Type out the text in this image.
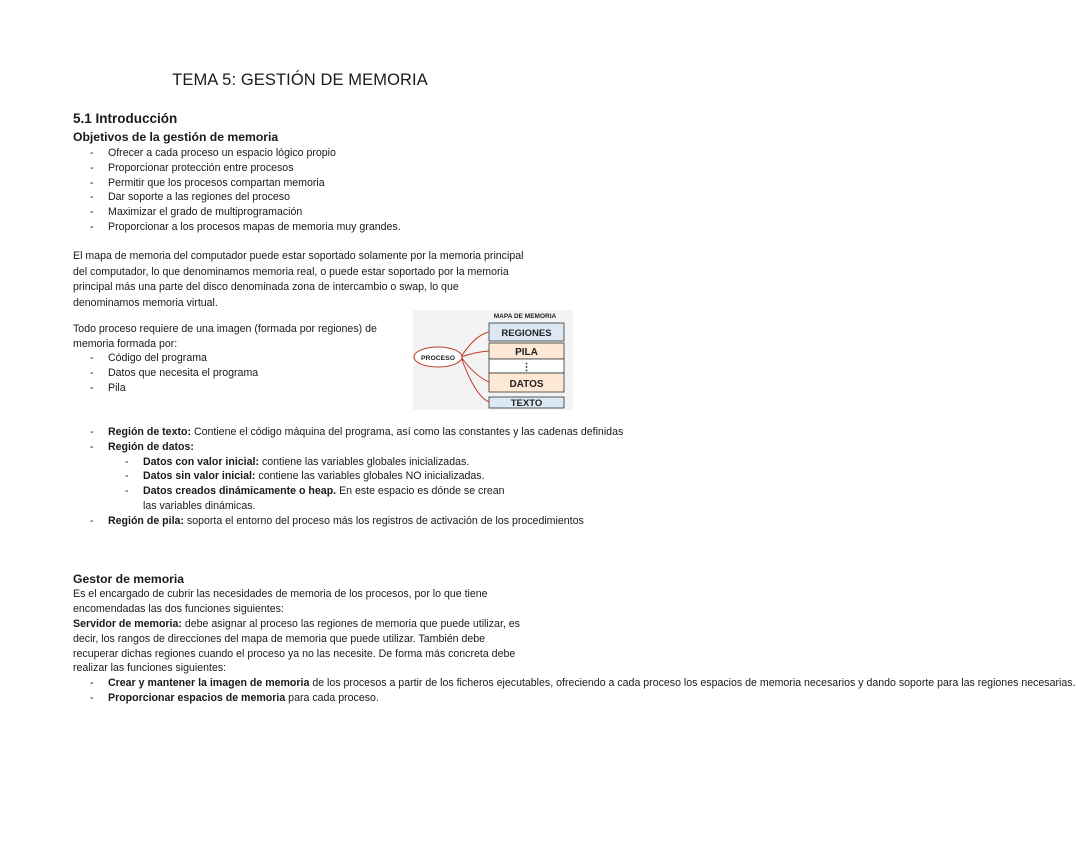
TEMA 5: GESTIÓN DE MEMORIA
5.1 Introducción
Objetivos de la gestión de memoria
- Ofrecer a cada proceso un espacio lógico propio
- Proporcionar protección entre procesos
- Permitir que los procesos compartan memoria
- Dar soporte a las regiones del proceso
- Maximizar el grado de multiprogramación
- Proporcionar a los procesos mapas de memoria muy grandes.
El mapa de memoria del computador puede estar soportado solamente por la memoria principal del computador, lo que denominamos memoria real, o puede estar soportado por la memoria principal más una parte del disco denominada zona de intercambio o swap, lo que denominamos memoria virtual.
Todo proceso requiere de una imagen (formada por regiones) de
memoria formada por:
- Código del programa
- Datos que necesita el programa
- Pila
MAPA DE MEMORIA
REGIONES
PILA
⋮
DATOS
TEXTO
PROCESO
- Región de texto: Contiene el código máquina del programa, así como las constantes y las cadenas definidas
- Región de datos:
- Datos con valor inicial: contiene las variables globales inicializadas.
- Datos sin valor inicial: contiene las variables globales NO inicializadas.
- Datos creados dinámicamente o heap. En este espacio es dónde se crean las variables dinámicas.
- Región de pila: soporta el entorno del proceso más los registros de activación de los procedimientos
Gestor de memoria
Es el encargado de cubrir las necesidades de memoria de los procesos, por lo que tiene encomendadas las dos funciones siguientes:
Servidor de memoria: debe asignar al proceso las regiones de memoria que puede utilizar, es decir, los rangos de direcciones del mapa de memoria que puede utilizar. También debe recuperar dichas regiones cuando el proceso ya no las necesite. De forma más concreta debe realizar las funciones siguientes:
- Crear y mantener la imagen de memoria de los procesos a partir de los ficheros ejecutables, ofreciendo a cada proceso los espacios de memoria necesarios y dando soporte para las regiones necesarias.
- Proporcionar espacios de memoria para cada proceso.
